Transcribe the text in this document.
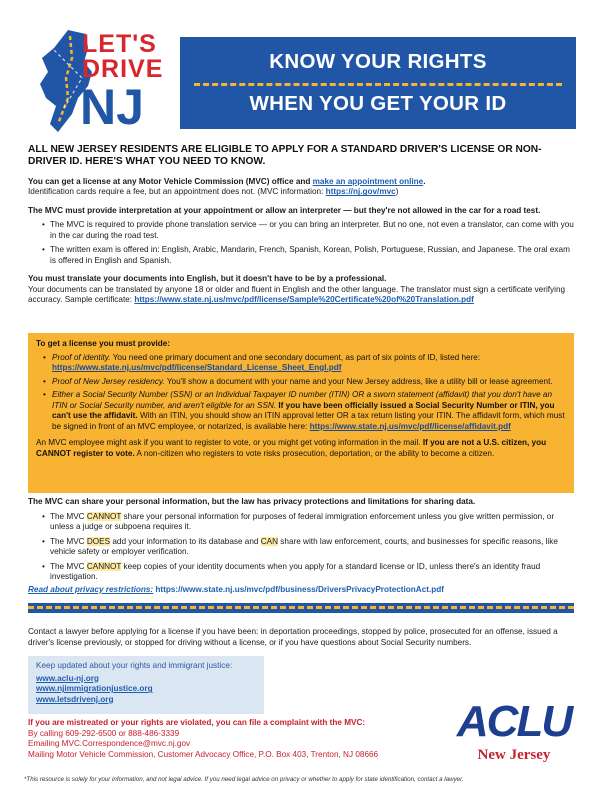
LET'S
DRIVE
NJ
KNOW YOUR RIGHTS
WHEN YOU GET YOUR ID
ALL NEW JERSEY RESIDENTS ARE ELIGIBLE TO APPLY FOR A STANDARD DRIVER'S LICENSE OR NON-DRIVER ID. HERE'S WHAT YOU NEED TO KNOW.

You can get a license at any Motor Vehicle Commission (MVC) office and make an appointment online.

Identification cards require a fee, but an appointment does not. (MVC information: https://nj.gov/mvc)

The MVC must provide interpretation at your appointment or allow an interpreter — but they're not allowed in the car for a road test.

• The MVC is required to provide phone translation service — or you can bring an interpreter. But no one, not even a translator, can come with you in the car during the road test.
• The written exam is offered in: English, Arabic, Mandarin, French, Spanish, Korean, Polish, Portuguese, Russian, and Japanese. The oral exam is offered in English and Spanish.

You must translate your documents into English, but it doesn't have to be by a professional.

Your documents can be translated by anyone 18 or older and fluent in English and the other language. The translator must sign a certificate verifying accuracy. Sample certificate: https://www.state.nj.us/mvc/pdf/license/Sample%20Certificate%20of%20Translation.pdf

To get a license you must provide:

• Proof of identity. You need one primary document and one secondary document, as part of six points of ID, listed here: https://www.state.nj.us/mvc/pdf/license/Standard_License_Sheet_Engl.pdf
• Proof of New Jersey residency. You'll show a document with your name and your New Jersey address, like a utility bill or lease agreement.
• Either a Social Security Number (SSN) or an Individual Taxpayer ID number (ITIN) OR a sworn statement (affidavit) that you don't have an ITIN or Social Security number, and aren't eligible for an SSN. If you have been officially issued a Social Security Number or ITIN, you can't use the affidavit. With an ITIN, you should show an ITIN approval letter OR a tax return listing your ITIN. The affidavit form, which must be signed in front of an MVC employee, or notarized, is available here: https://www.state.nj.us/mvc/pdf/license/affidavit.pdf

An MVC employee might ask if you want to register to vote, or you might get voting information in the mail. If you are not a U.S. citizen, you CANNOT register to vote. A non-citizen who registers to vote risks prosecution, deportation, or the ability to become a citizen.

The MVC can share your personal information, but the law has privacy protections and limitations for sharing data.

• The MVC CANNOT share your personal information for purposes of federal immigration enforcement unless you give written permission, or unless a judge or subpoena requires it.
• The MVC DOES add your information to its database and CAN share with law enforcement, courts, and businesses for specific reasons, like vehicle safety or employer verification.
• The MVC CANNOT keep copies of your identity documents when you apply for a standard license or ID, unless there's an identity fraud investigation.

Read about privacy restrictions: https://www.state.nj.us/mvc/pdf/business/DriversPrivacyProtectionAct.pdf

Contact a lawyer before applying for a license if you have been: in deportation proceedings, stopped by police, prosecuted for an offense, issued a driver's license previously, or stopped for driving without a license, or if you have questions about Social Security numbers.
Keep updated about your rights and immigrant justice:
www.aclu-nj.org
www.njimmigrationjustice.org
www.letsdrivenj.org
If you are mistreated or your rights are violated, you can file a complaint with the MVC:
By calling 609-292-6500 or 888-486-3339
Emailing MVC.Correspondence@mvc.nj.gov
Mailing Motor Vehicle Commission, Customer Advocacy Office, P.O. Box 403, Trenton, NJ 08666
ACLU
New Jersey
*This resource is solely for your information, and not legal advice. If you need legal advice on privacy or whether to apply for state identification, contact a lawyer.
